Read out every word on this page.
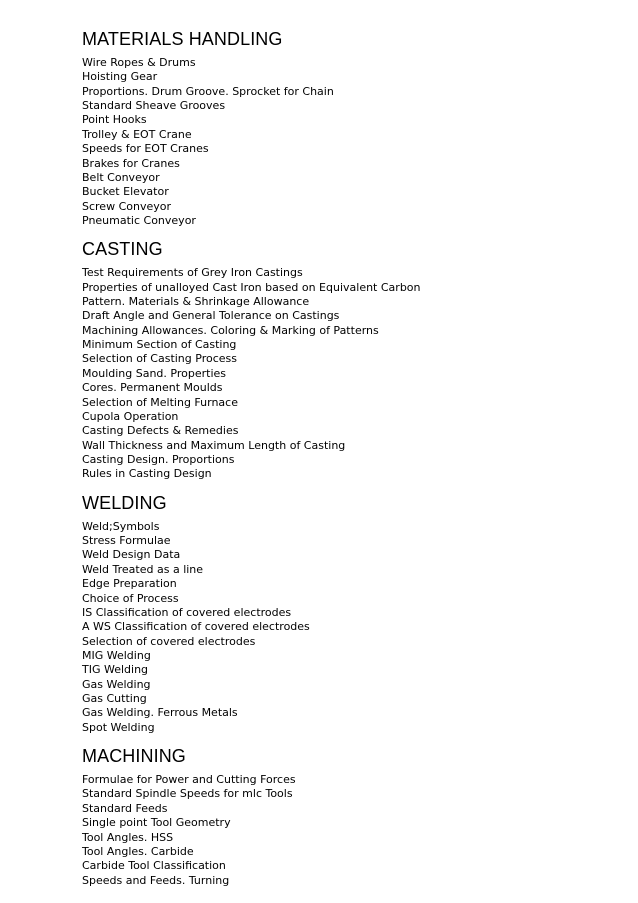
MATERIALS HANDLING
Wire Ropes & Drums
Hoisting Gear
Proportions. Drum Groove. Sprocket for Chain
Standard Sheave Grooves
Point Hooks
Trolley & EOT Crane
Speeds for EOT Cranes
Brakes for Cranes
Belt Conveyor
Bucket Elevator
Screw Conveyor
Pneumatic Conveyor
CASTING
Test Requirements of Grey Iron Castings
Properties of unalloyed Cast Iron based on Equivalent Carbon
Pattern. Materials & Shrinkage Allowance
Draft Angle and General Tolerance on Castings
Machining Allowances. Coloring & Marking of Patterns
Minimum Section of Casting
Selection of Casting Process
Moulding Sand. Properties
Cores. Permanent Moulds
Selection of Melting Furnace
Cupola Operation
Casting Defects & Remedies
Wall Thickness and Maximum Length of Casting
Casting Design. Proportions
Rules in Casting Design
WELDING
Weld;Symbols
Stress Formulae
Weld Design Data
Weld Treated as a line
Edge Preparation
Choice of Process
IS Classification of covered electrodes
A WS Classification of covered electrodes
Selection of covered electrodes
MIG Welding
TIG Welding
Gas Welding
Gas Cutting
Gas Welding. Ferrous Metals
Spot Welding
MACHINING
Formulae for Power and Cutting Forces
Standard Spindle Speeds for mlc Tools
Standard Feeds
Single point Tool Geometry
Tool Angles. HSS
Tool Angles. Carbide
Carbide Tool Classification
Speeds and Feeds. Turning
